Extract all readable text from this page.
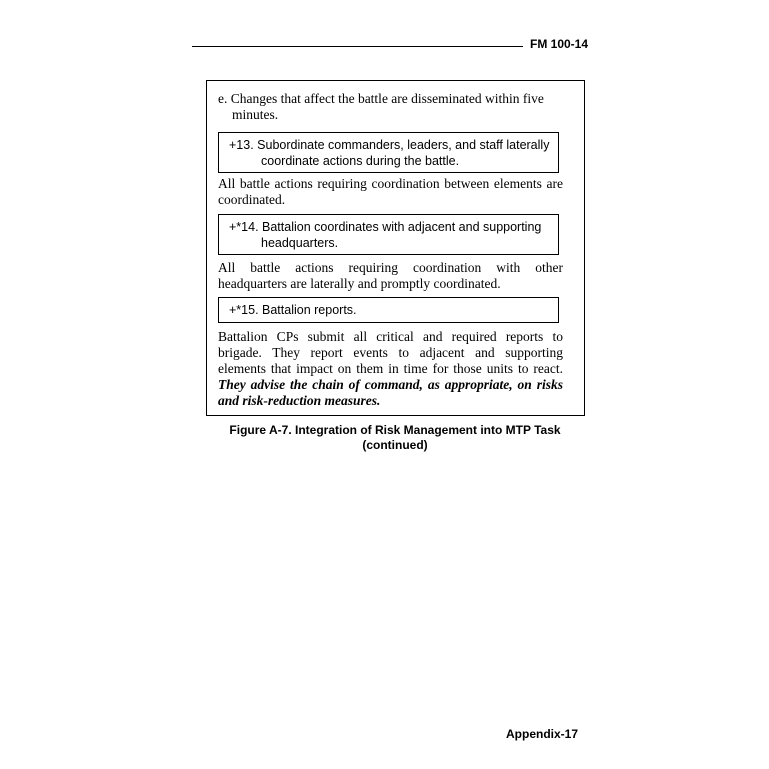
FM 100-14
e. Changes that affect the battle are disseminated within five minutes.
+13. Subordinate commanders, leaders, and staff laterally coordinate actions during the battle.
All battle actions requiring coordination between elements are coordinated.
+*14. Battalion coordinates with adjacent and supporting headquarters.
All battle actions requiring coordination with other headquarters are laterally and promptly coordinated.
+*15. Battalion reports.
Battalion CPs submit all critical and required reports to brigade. They report events to adjacent and supporting elements that impact on them in time for those units to react. They advise the chain of command, as appropriate, on risks and risk-reduction measures.
Figure A-7. Integration of Risk Management into MTP Task
(continued)
Appendix-17
